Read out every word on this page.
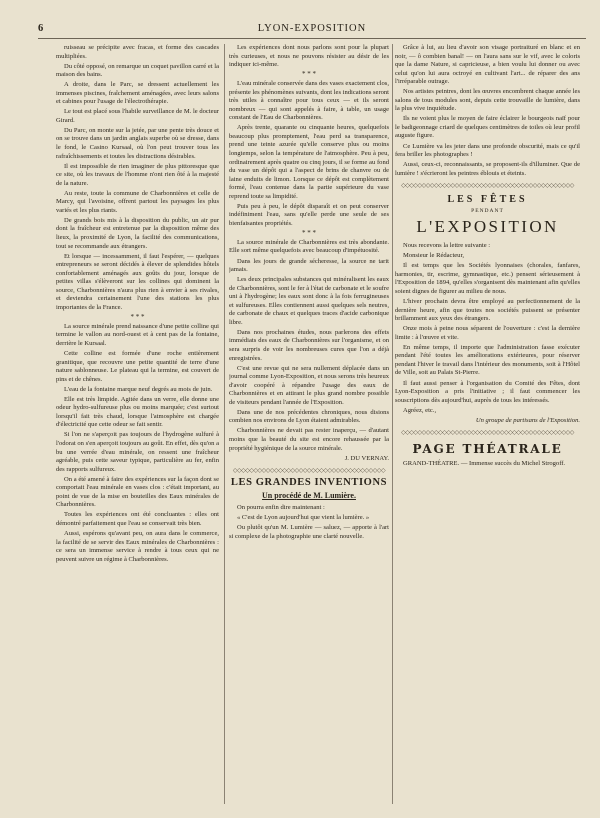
6	LYON-EXPOSITION

ruisseau se précipite avec fracas, et forme des cascades multipliées.

Du côté opposé, on remarque un coquet pavillon carré et la maison des bains.

A droite, dans le Parc, se dressent actuellement les immenses piscines, fraîchement aménagées, avec leurs salons et cabines pour l'usage de l'électrothérapie.

Le tout est placé sous l'habile surveillance de M. le docteur Girard.

Du Parc, on monte sur la jetée, par une pente très douce et on se trouve dans un jardin anglais superbe où se dresse, dans le fond, le Casino Kursaal, où l'on peut trouver tous les rafraîchissements et toutes les distractions désirables.

Il est impossible de rien imaginer de plus pittoresque que ce site, où les travaux de l'homme n'ont rien ôté à la majesté de la nature.

Au reste, toute la commune de Charbonnières et celle de Marcy, qui l'avoisine, offrent partout les paysages les plus variés et les plus riants.

De grands bois mis à la disposition du public, un air pur dont la fraîcheur est entretenue par la disposition même des lieux, la proximité de Lyon, la facilité des communications, tout se recommande aux étrangers.

Et lorsque — incessamment, il faut l'espérer, — quelques entrepreneurs se seront décidés à élever de splendides hôtels confortablement aménagés aux goûts du jour, lorsque de petites villas s'élèveront sur les collines qui dominent la source, Charbonnières n'aura plus rien à envier à ses rivales, et deviendra certainement l'une des stations les plus importantes de la France.

* * *

La source minérale prend naissance d'une petite colline qui termine le vallon au nord-ouest et à cent pas de la fontaine, derrière le Kursaal.

Cette colline est formée d'une roche entièrement granitique, que recouvre une petite quantité de terre d'une nature sablonneuse. Le plateau qui la termine, est couvert de pins et de chênes.

L'eau de la fontaine marque neuf degrés au mois de juin.

Elle est très limpide. Agitée dans un verre, elle donne une odeur hydro-sulfureuse plus ou moins marquée; c'est surtout lorsqu'il fait très chaud, lorsque l'atmosphère est chargée d'électricité que cette odeur se fait sentir.

Si l'on ne s'aperçoit pas toujours de l'hydrogène sulfuré à l'odorat on s'en aperçoit toujours au goût. En effet, dès qu'on a bu une verrée d'eau minérale, on ressent une fraîcheur agréable, puis cette saveur typique, particulière au fer, enfin des rapports sulfureux.

On a été amené à faire des expériences sur la façon dont se comportait l'eau minérale en vases clos : c'était important, au point de vue de la mise en bouteilles des Eaux minérales de Charbonnières.

Toutes les expériences ont été concluantes : elles ont démontré parfaitement que l'eau se conservait très bien.

Aussi, espérons qu'avant peu, on aura dans le commerce, la facilité de se servir des Eaux minérales de Charbonnières : ce sera un immense service à rendre à tous ceux qui ne peuvent suivre un régime à Charbonnières.

Les expériences dont nous parlons sont pour la plupart très curieuses, et nous ne pouvons résister au désir de les indiquer ici-même.

* * *

L'eau minérale conservée dans des vases exactement clos, présente les phénomènes suivants, dont les indications seront très utiles à connaître pour tous ceux — et ils seront nombreux — qui sont appelés à faire, à table, un usage constant de l'Eau de Charbonnières.

Après trente, quarante ou cinquante heures, quelquefois beaucoup plus promptement, l'eau perd sa transparence, prend une teinte azurée qu'elle conserve plus ou moins longtemps, selon la température de l'atmosphère. Peu à peu, ordinairement après quatre ou cinq jours, il se forme au fond du vase un dépôt qui a l'aspect de brins de chanvre ou de laine enduits de limon. Lorsque ce dépôt est complètement formé, l'eau contenue dans la partie supérieure du vase reprend toute sa limpidité.

Puis peu à peu, le dépôt disparaît et on peut conserver indéfiniment l'eau, sans qu'elle perde une seule de ses bienfaisantes propriétés.

* * *

La source minérale de Charbonnières est très abondante. Elle sort même quelquefois avec beaucoup d'impétuosité.

Dans les jours de grande sécheresse, la source ne tarit jamais.

Les deux principales substances qui minéralisent les eaux de Charbonnières, sont le fer à l'état de carbonate et le soufre uni à l'hydrogène; les eaux sont donc à la fois ferrugineuses et sulfureuses. Elles contiennent aussi quelques sels neutres, de carbonate de chaux et quelques traces d'acide carbonique libre.

Dans nos prochaines études, nous parlerons des effets immédiats des eaux de Charbonnières sur l'organisme, et on sera surpris de voir les nombreuses cures que l'on a déjà enregistrées.

C'est une revue qui ne sera nullement déplacée dans un journal comme Lyon-Exposition, et nous serons très heureux d'avoir coopéré à répandre l'usage des eaux de Charbonnières et en attirant le plus grand nombre possible de visiteurs pendant l'année de l'Exposition.

Dans une de nos précédentes chroniques, nous disions combien nos environs de Lyon étaient admirables.

Charbonnières ne devait pas rester inaperçu, — d'autant moins que la beauté du site est encore rehaussée par la propriété hygiénique de la source minérale.

J. DU VERNAY.

◇◇◇◇◇◇◇◇◇◇◇◇◇◇◇◇◇◇◇◇◇◇◇◇◇◇◇◇◇◇◇◇◇◇◇◇◇
LES GRANDES INVENTIONS
Un procédé de M. Lumière.

On pourra enfin dire maintenant :

« C'est de Lyon aujourd'hui que vient la lumière. »

Ou plutôt qu'un M. Lumière — saluez, — apporte à l'art si complexe de la photographie une clarté nouvelle.

Grâce à lui, au lieu d'avoir son visage portraituré en blanc et en noir, — ô combien banal! — on l'aura sans sur le vif, avec le coloris que la dame Nature, si capricieuse, a bien voulu lui donner ou avec celui qu'on lui aura octroyé en cultivant l'art... de réparer des ans l'irréparable outrage.

Nos artistes peintres, dont les œuvres encombrent chaque année les salons de tous modules sont, depuis cette trouvaille de lumière, dans la plus vive inquiétude.

Ils ne voient plus le moyen de faire éclairer le bourgeois naïf pour le badigeonnage criard de quelques centimètres de toiles où leur profil auguste figure.

Ce Lumière va les jeter dans une profonde obscurité, mais ce qu'il fera briller les photographes !

Aussi, ceux-ci, reconnaissants, se proposent-ils d'illuminer. Que de lumière ! s'écrieront les peintres éblouis et éteints.

◇◇◇◇◇◇◇◇◇◇◇◇◇◇◇◇◇◇◇◇◇◇◇◇◇◇◇◇◇◇◇◇◇◇◇◇◇◇◇◇◇◇
LES FÊTES
PENDANT
L'EXPOSITION

Nous recevons la lettre suivante :

Monsieur le Rédacteur,

Il est temps que les Sociétés lyonnaises (chorales, fanfares, harmonies, tir, escrime, gymnastique, etc.) pensent sérieusement à l'Exposition de 1894, qu'elles s'organisent dès maintenant afin qu'elles soient dignes de figurer au milieu de nous.

L'hiver prochain devra être employé au perfectionnement de la dernière heure, afin que toutes nos sociétés puissent se présenter brillamment aux yeux des étrangers.

Onze mois à peine nous séparent de l'ouverture : c'est la dernière limite : à l'œuvre et vite.

En même temps, il importe que l'administration fasse exécuter pendant l'été toutes les améliorations extérieures, pour réserver pendant l'hiver le travail dans l'intérieur des monuments, soit à l'Hôtel de Ville, soit au Palais St-Pierre.

Il faut aussi penser à l'organisation du Comité des Fêtes, dont Lyon-Exposition a pris l'initiative ; il faut commencer les souscriptions dès aujourd'hui, auprès de tous les intéressés.

Agréez, etc.,

Un groupe de partisans de l'Exposition.

◇◇◇◇◇◇◇◇◇◇◇◇◇◇◇◇◇◇◇◇◇◇◇◇◇◇◇◇◇◇◇◇◇◇◇◇◇◇◇◇◇◇
PAGE THÉATRALE

GRAND-THÉATRE. — Immense succès du Michel Strogoff.
